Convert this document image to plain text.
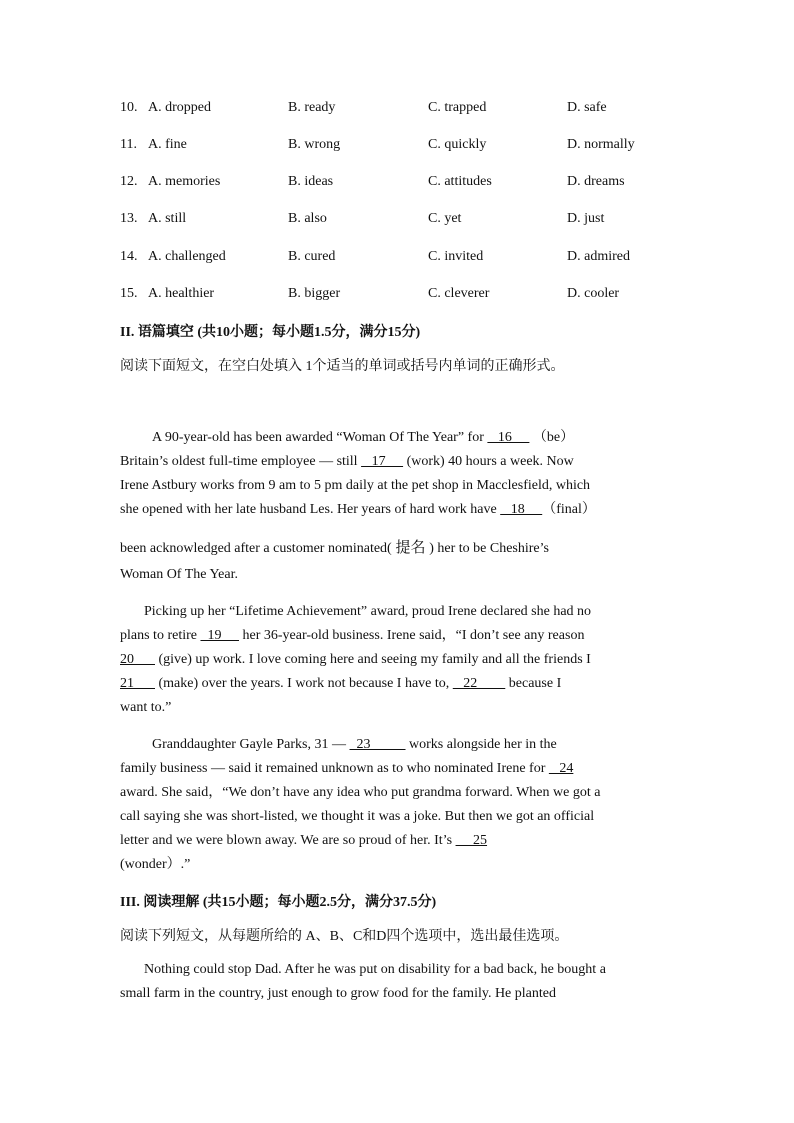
10. A. dropped	B. ready	C. trapped	D. safe
11. A. fine	B. wrong	C. quickly	D. normally
12. A. memories	B. ideas	C. attitudes	D. dreams
13. A. still	B. also	C. yet	D. just
14. A. challenged	B. cured	C. invited	D. admired
15. A. healthier	B. bigger	C. cleverer	D. cooler
II. 语篇填空 (共10小题；每小题1.5分，满分15分)
阅读下面短文，在空白处填入 1个适当的单词或括号内单词的正确形式。
A 90-year-old has been awarded “Woman Of The Year” for    16      （be）
Britain’s oldest full-time employee — still    17      (work) 40 hours a week. Now
Irene Astbury works from 9 am to 5 pm daily at the pet shop in Macclesfield, which
she opened with her late husband Les. Her years of hard work have    18     （final）
been acknowledged after a customer nominated( 提名 ) her to be Cheshire’s
Woman Of The Year.
Picking up her “Lifetime Achievement” award, proud Irene declared she had no
plans to retire   19      her 36-year-old business. Irene said，“I don’t see any reason
20       (give) up work. I love coming here and seeing my family and all the friends I
21       (make) over the years. I work not because I have to,    22         because I
want to.”
Granddaughter Gayle Parks, 31 —   23           works alongside her in the
family business — said it remained unknown as to who nominated Irene for    24
award. She said，“We don’t have any idea who put grandma forward. When we got a
call saying she was short-listed, we thought it was a joke. But then we got an official
letter and we were blown away. We are so proud of her. It’s      25
(wonder）.”
III. 阅读理解 (共15小题；每小题2.5分，满分37.5分)
阅读下列短文，从每题所给的 A、B、C和D四个选项中，选出最佳选项。
Nothing could stop Dad. After he was put on disability for a bad back, he bought a
small farm in the country, just enough to grow food for the family. He planted
